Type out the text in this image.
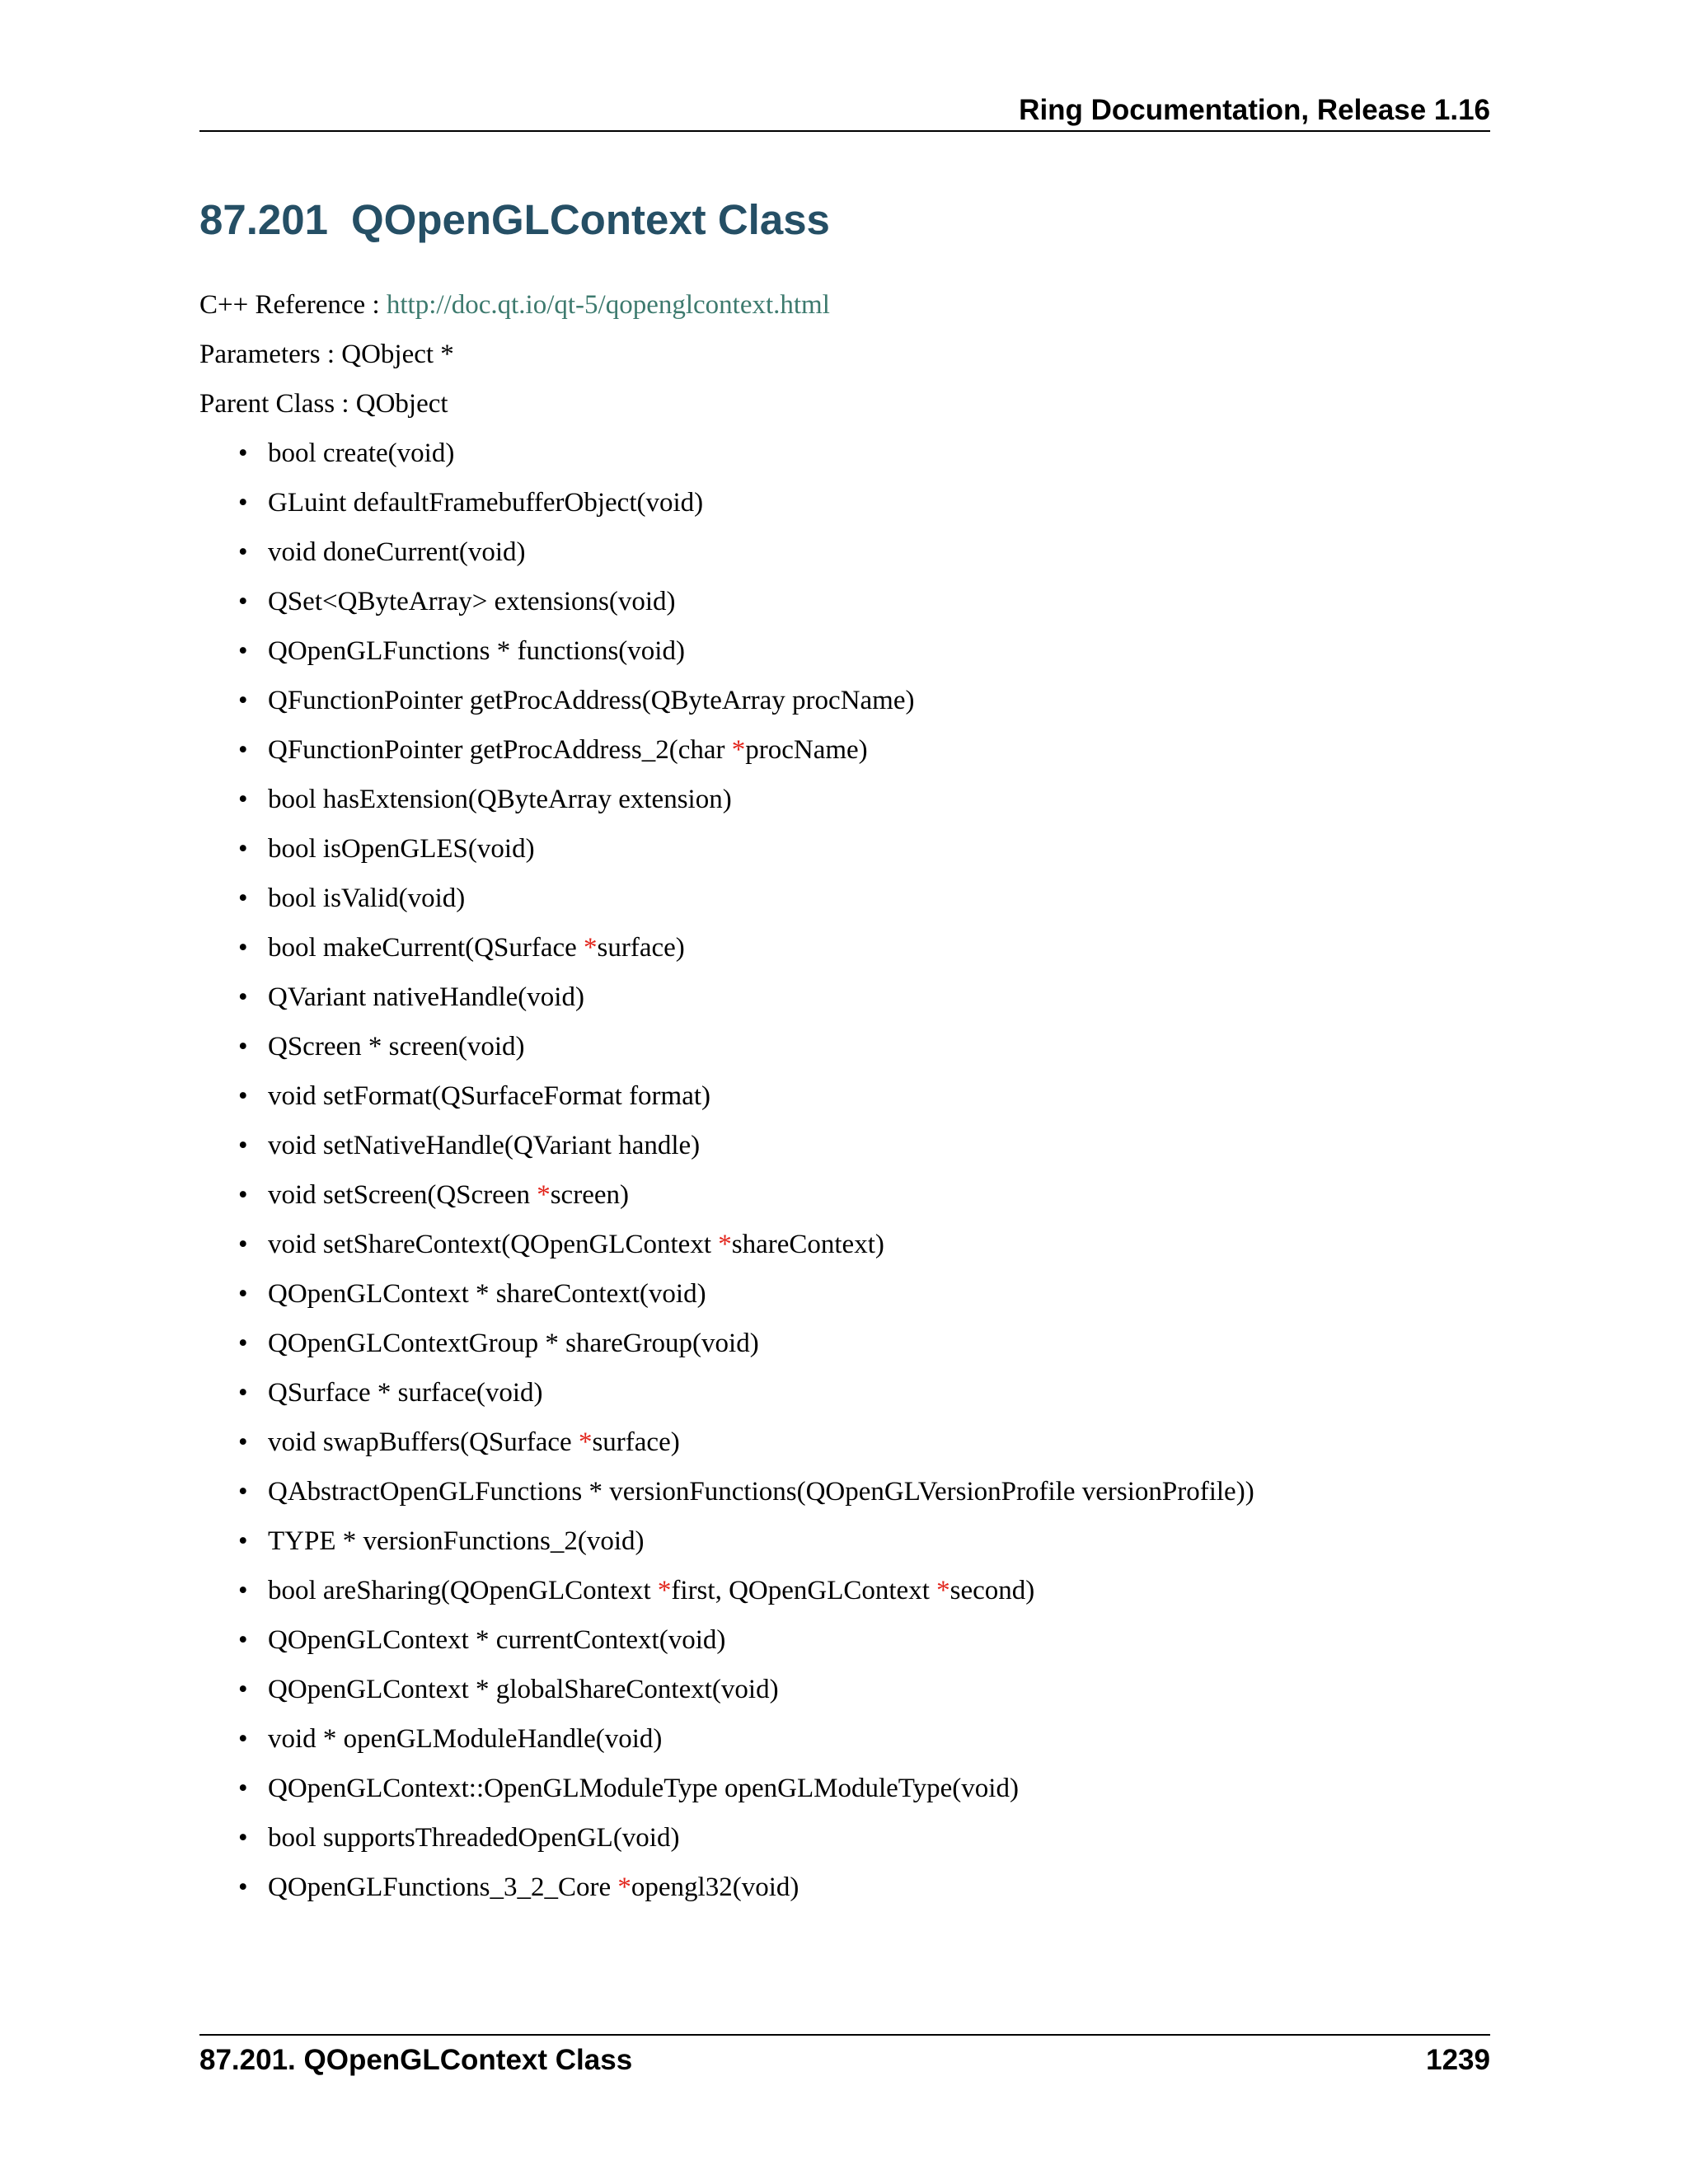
Ring Documentation, Release 1.16
87.201 QOpenGLContext Class

C++ Reference : http://doc.qt.io/qt-5/qopenglcontext.html

Parameters : QObject *

Parent Class : QObject

• bool create(void)
• GLuint defaultFramebufferObject(void)
• void doneCurrent(void)
• QSet<QByteArray> extensions(void)
• QOpenGLFunctions * functions(void)
• QFunctionPointer getProcAddress(QByteArray procName)
• QFunctionPointer getProcAddress_2(char *procName)
• bool hasExtension(QByteArray extension)
• bool isOpenGLES(void)
• bool isValid(void)
• bool makeCurrent(QSurface *surface)
• QVariant nativeHandle(void)
• QScreen * screen(void)
• void setFormat(QSurfaceFormat format)
• void setNativeHandle(QVariant handle)
• void setScreen(QScreen *screen)
• void setShareContext(QOpenGLContext *shareContext)
• QOpenGLContext * shareContext(void)
• QOpenGLContextGroup * shareGroup(void)
• QSurface * surface(void)
• void swapBuffers(QSurface *surface)
• QAbstractOpenGLFunctions * versionFunctions(QOpenGLVersionProfile versionProfile))
• TYPE * versionFunctions_2(void)
• bool areSharing(QOpenGLContext *first, QOpenGLContext *second)
• QOpenGLContext * currentContext(void)
• QOpenGLContext * globalShareContext(void)
• void * openGLModuleHandle(void)
• QOpenGLContext::OpenGLModuleType openGLModuleType(void)
• bool supportsThreadedOpenGL(void)
• QOpenGLFunctions_3_2_Core *opengl32(void)
87.201. QOpenGLContext Class	1239
